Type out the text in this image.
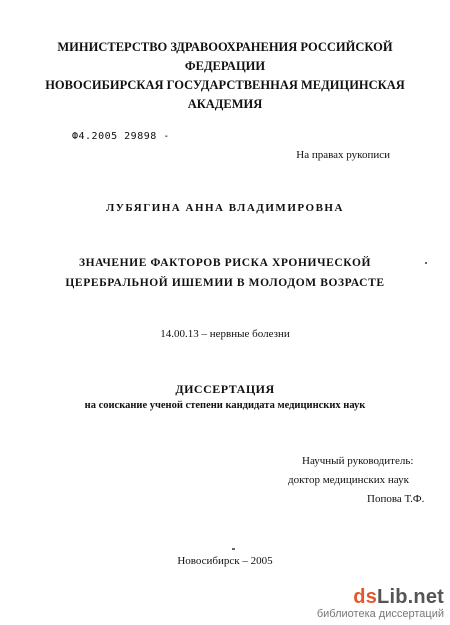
МИНИСТЕРСТВО ЗДРАВООХРАНЕНИЯ РОССИЙСКОЙ
ФЕДЕРАЦИИ
НОВОСИБИРСКАЯ ГОСУДАРСТВЕННАЯ МЕДИЦИНСКАЯ
АКАДЕМИЯ
Ф4.2005 29898 -
На правах рукописи
ЛУБЯГИНА АННА ВЛАДИМИРОВНА
ЗНАЧЕНИЕ ФАКТОРОВ РИСКА ХРОНИЧЕСКОЙ
ЦЕРЕБРАЛЬНОЙ ИШЕМИИ В МОЛОДОМ ВОЗРАСТЕ
14.00.13 – нервные болезни
ДИССЕРТАЦИЯ
на соискание ученой степени кандидата медицинских наук
Научный руководитель:
доктор медицинских наук
Попова Т.Ф.
Новосибирск – 2005
dsLib.net
библиотека диссертаций
